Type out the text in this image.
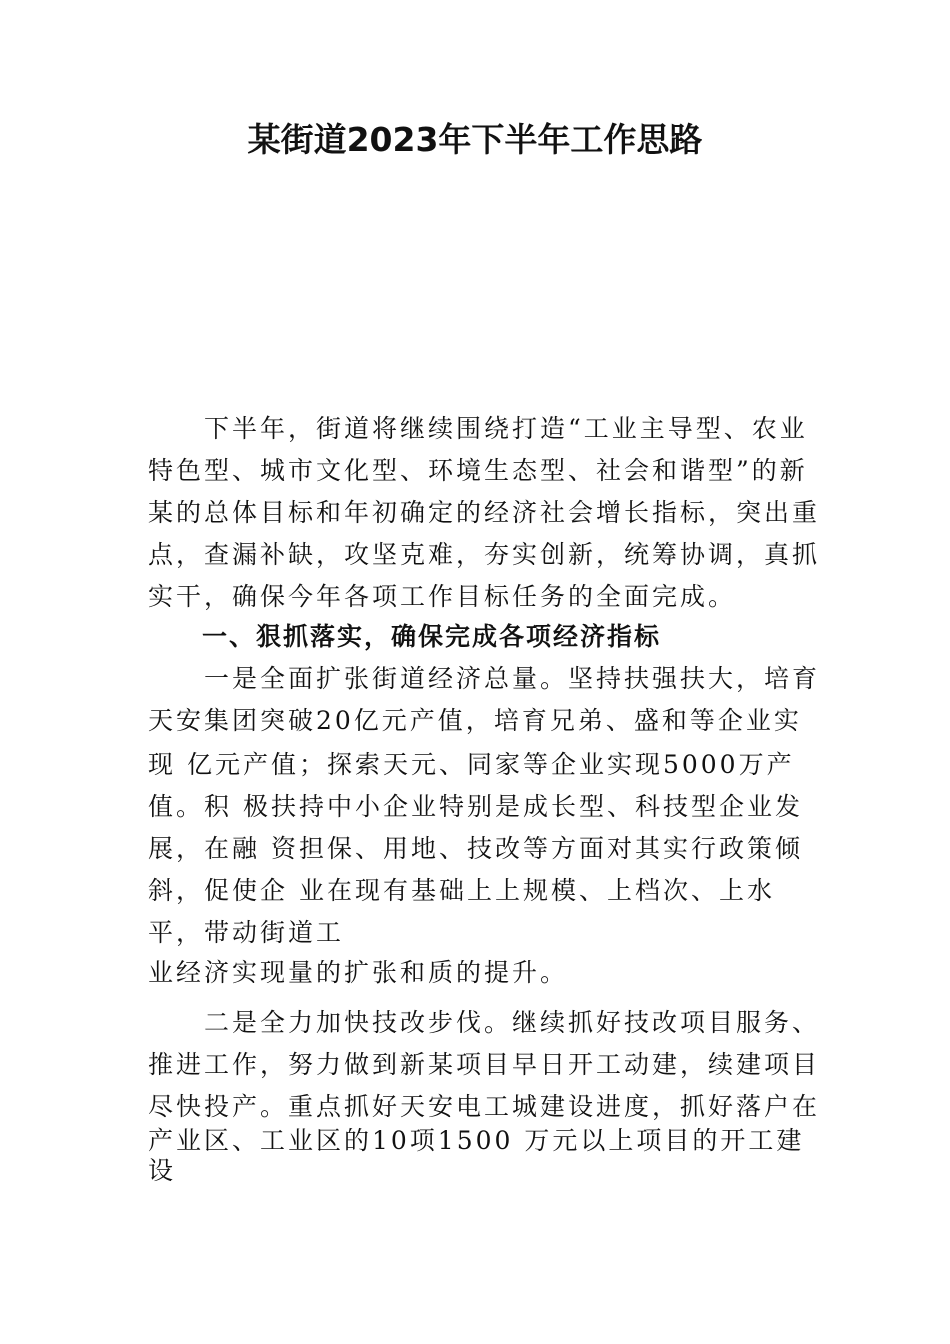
某街道2023年下半年工作思路

　　下半年，街道将继续围绕打造“工业主导型、农业

特色型、城市文化型、环境生态型、社会和谐型”的新

某的总体目标和年初确定的经济社会增长指标，突出重

点，查漏补缺，攻坚克难，夯实创新，统筹协调，真抓

实干，确保今年各项工作目标任务的全面完成。

　　一、狠抓落实，确保完成各项经济指标

　　一是全面扩张街道经济总量。坚持扶强扶大，培育

天安集团突破20亿元产值，培育兄弟、盛和等企业实

现 亿元产值；探索天元、同家等企业实现5000万产

值。积 极扶持中小企业特别是成长型、科技型企业发

展，在融 资担保、用地、技改等方面对其实行政策倾

斜，促使企 业在现有基础上上规模、上档次、上水

平，带动街道工

业经济实现量的扩张和质的提升。

　　二是全力加快技改步伐。继续抓好技改项目服务、

推进工作，努力做到新某项目早日开工动建，续建项目

尽快投产。重点抓好天安电工城建设进度，抓好落户在

产业区、工业区的10项1500 万元以上项目的开工建

设
